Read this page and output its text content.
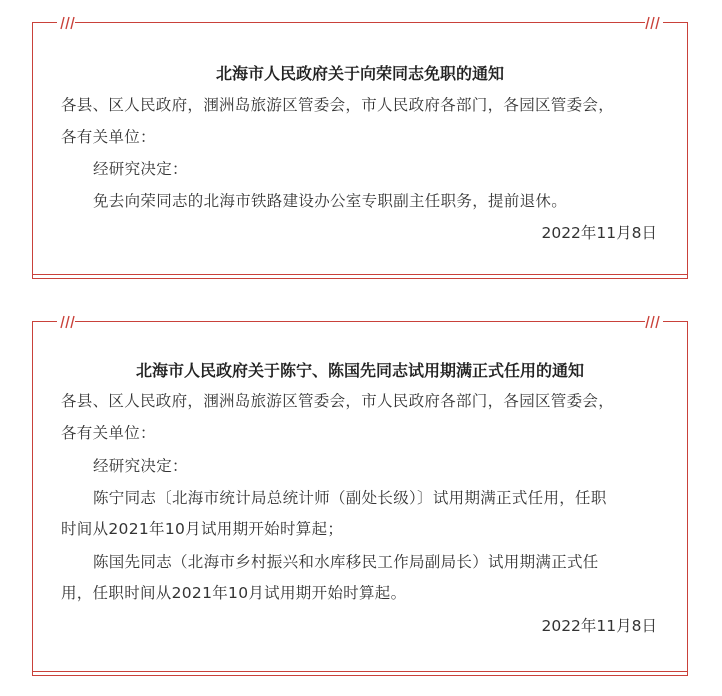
北海市人民政府关于向荣同志免职的通知
各县、区人民政府，涠洲岛旅游区管委会，市人民政府各部门，各园区管委会，
各有关单位：
经研究决定：
免去向荣同志的北海市铁路建设办公室专职副主任职务，提前退休。
2022年11月8日
北海市人民政府关于陈宁、陈国先同志试用期满正式任用的通知
各县、区人民政府，涠洲岛旅游区管委会，市人民政府各部门，各园区管委会，
各有关单位：
经研究决定：
陈宁同志〔北海市统计局总统计师（副处长级）〕试用期满正式任用，任职
时间从2021年10月试用期开始时算起；
陈国先同志（北海市乡村振兴和水库移民工作局副局长）试用期满正式任
用，任职时间从2021年10月试用期开始时算起。
2022年11月8日
